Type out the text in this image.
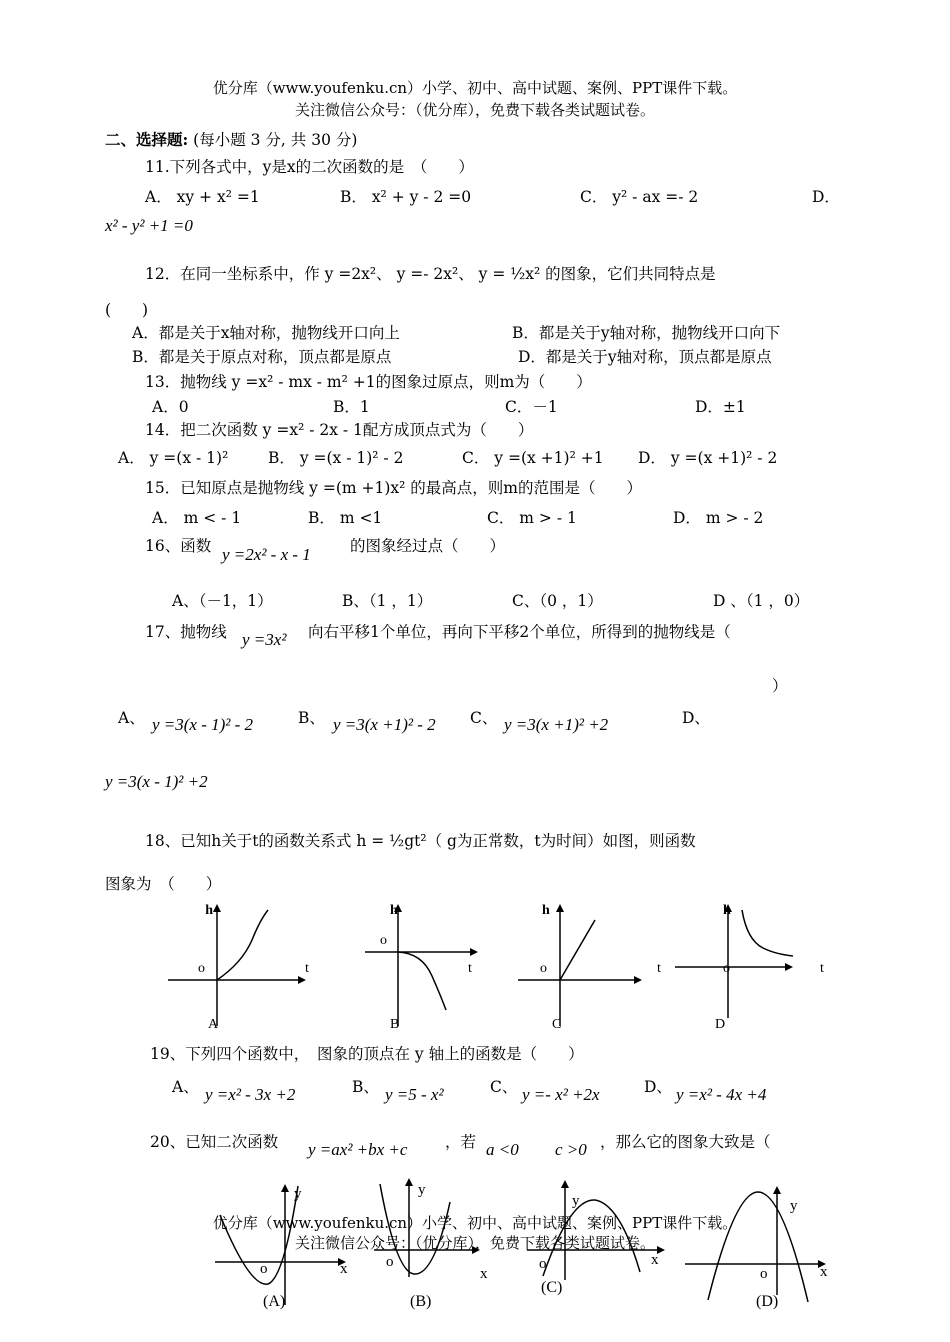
优分库（www.youfenku.cn）小学、初中、高中试题、案例、PPT课件下载。
关注微信公众号：（优分库），免费下载各类试题试卷。
二、选择题: (每小题 3 分, 共 30 分)
11.下列各式中，y是x的二次函数的是　（　　）
A． xy + x² =1	B． x² + y - 2 =0	C． y² - ax =- 2	D．
x² - y² +1 =0
12．在同一坐标系中，作 y =2x²、 y =- 2x²、 y = ½x² 的图象，它们共同特点是
(　　)
A．都是关于x轴对称，抛物线开口向上	B．都是关于y轴对称，抛物线开口向下
B．都是关于原点对称，顶点都是原点	D．都是关于y轴对称，顶点都是原点
13．抛物线 y =x² - mx - m² +1的图象过原点，则m为（　　）
A．0	B．1	C．－1	D．±1
14．把二次函数 y =x² - 2x - 1配方成顶点式为（　　）
A． y =(x - 1)²	B． y =(x - 1)² - 2	C． y =(x +1)² +1 D． y =(x +1)² - 2
15．已知原点是抛物线 y =(m +1)x² 的最高点，则m的范围是（　　）
A． m < - 1	B． m <1	C． m > - 1	D． m > - 2
16、函数 y =2x² - x - 1	的图象经过点（　　）
A、（－1，1）	B、（1 ，1）	C、（0 ，1）	D 、（1 ，0）
17、抛物线 y =3x² 向右平移1个单位，再向下平移2个单位，所得到的抛物线是（
）
A、 y =3(x - 1)² - 2	B、 y =3(x +1)² - 2 C、 y =3(x +1)² +2	D、
y =3(x - 1)² +2
18、已知h关于t的函数关系式 h = ½gt²（ g为正常数，t为时间）如图，则函数
图象为　（　　）
h
o	t
A
h
o
t
B
h
o
C
t
h
o	t
D
19、下列四个函数中，　图象的顶点在 y 轴上的函数是（　　）
A、 y =x² - 3x +2	B、 y =5 - x²	C、 y =- x² +2x	D、 y =x² - 4x +4
20、已知二次函数 y =ax² +bx +c ，若 a <0 c >0 ，那么它的图象大致是（
y
o	x
(A)
y
o
x
(B)
y
o	x
(C)
y
o	x
(D)
优分库（www.youfenku.cn）小学、初中、高中试题、案例、PPT课件下载。
关注微信公众号：（优分库），免费下载各类试题试卷。
